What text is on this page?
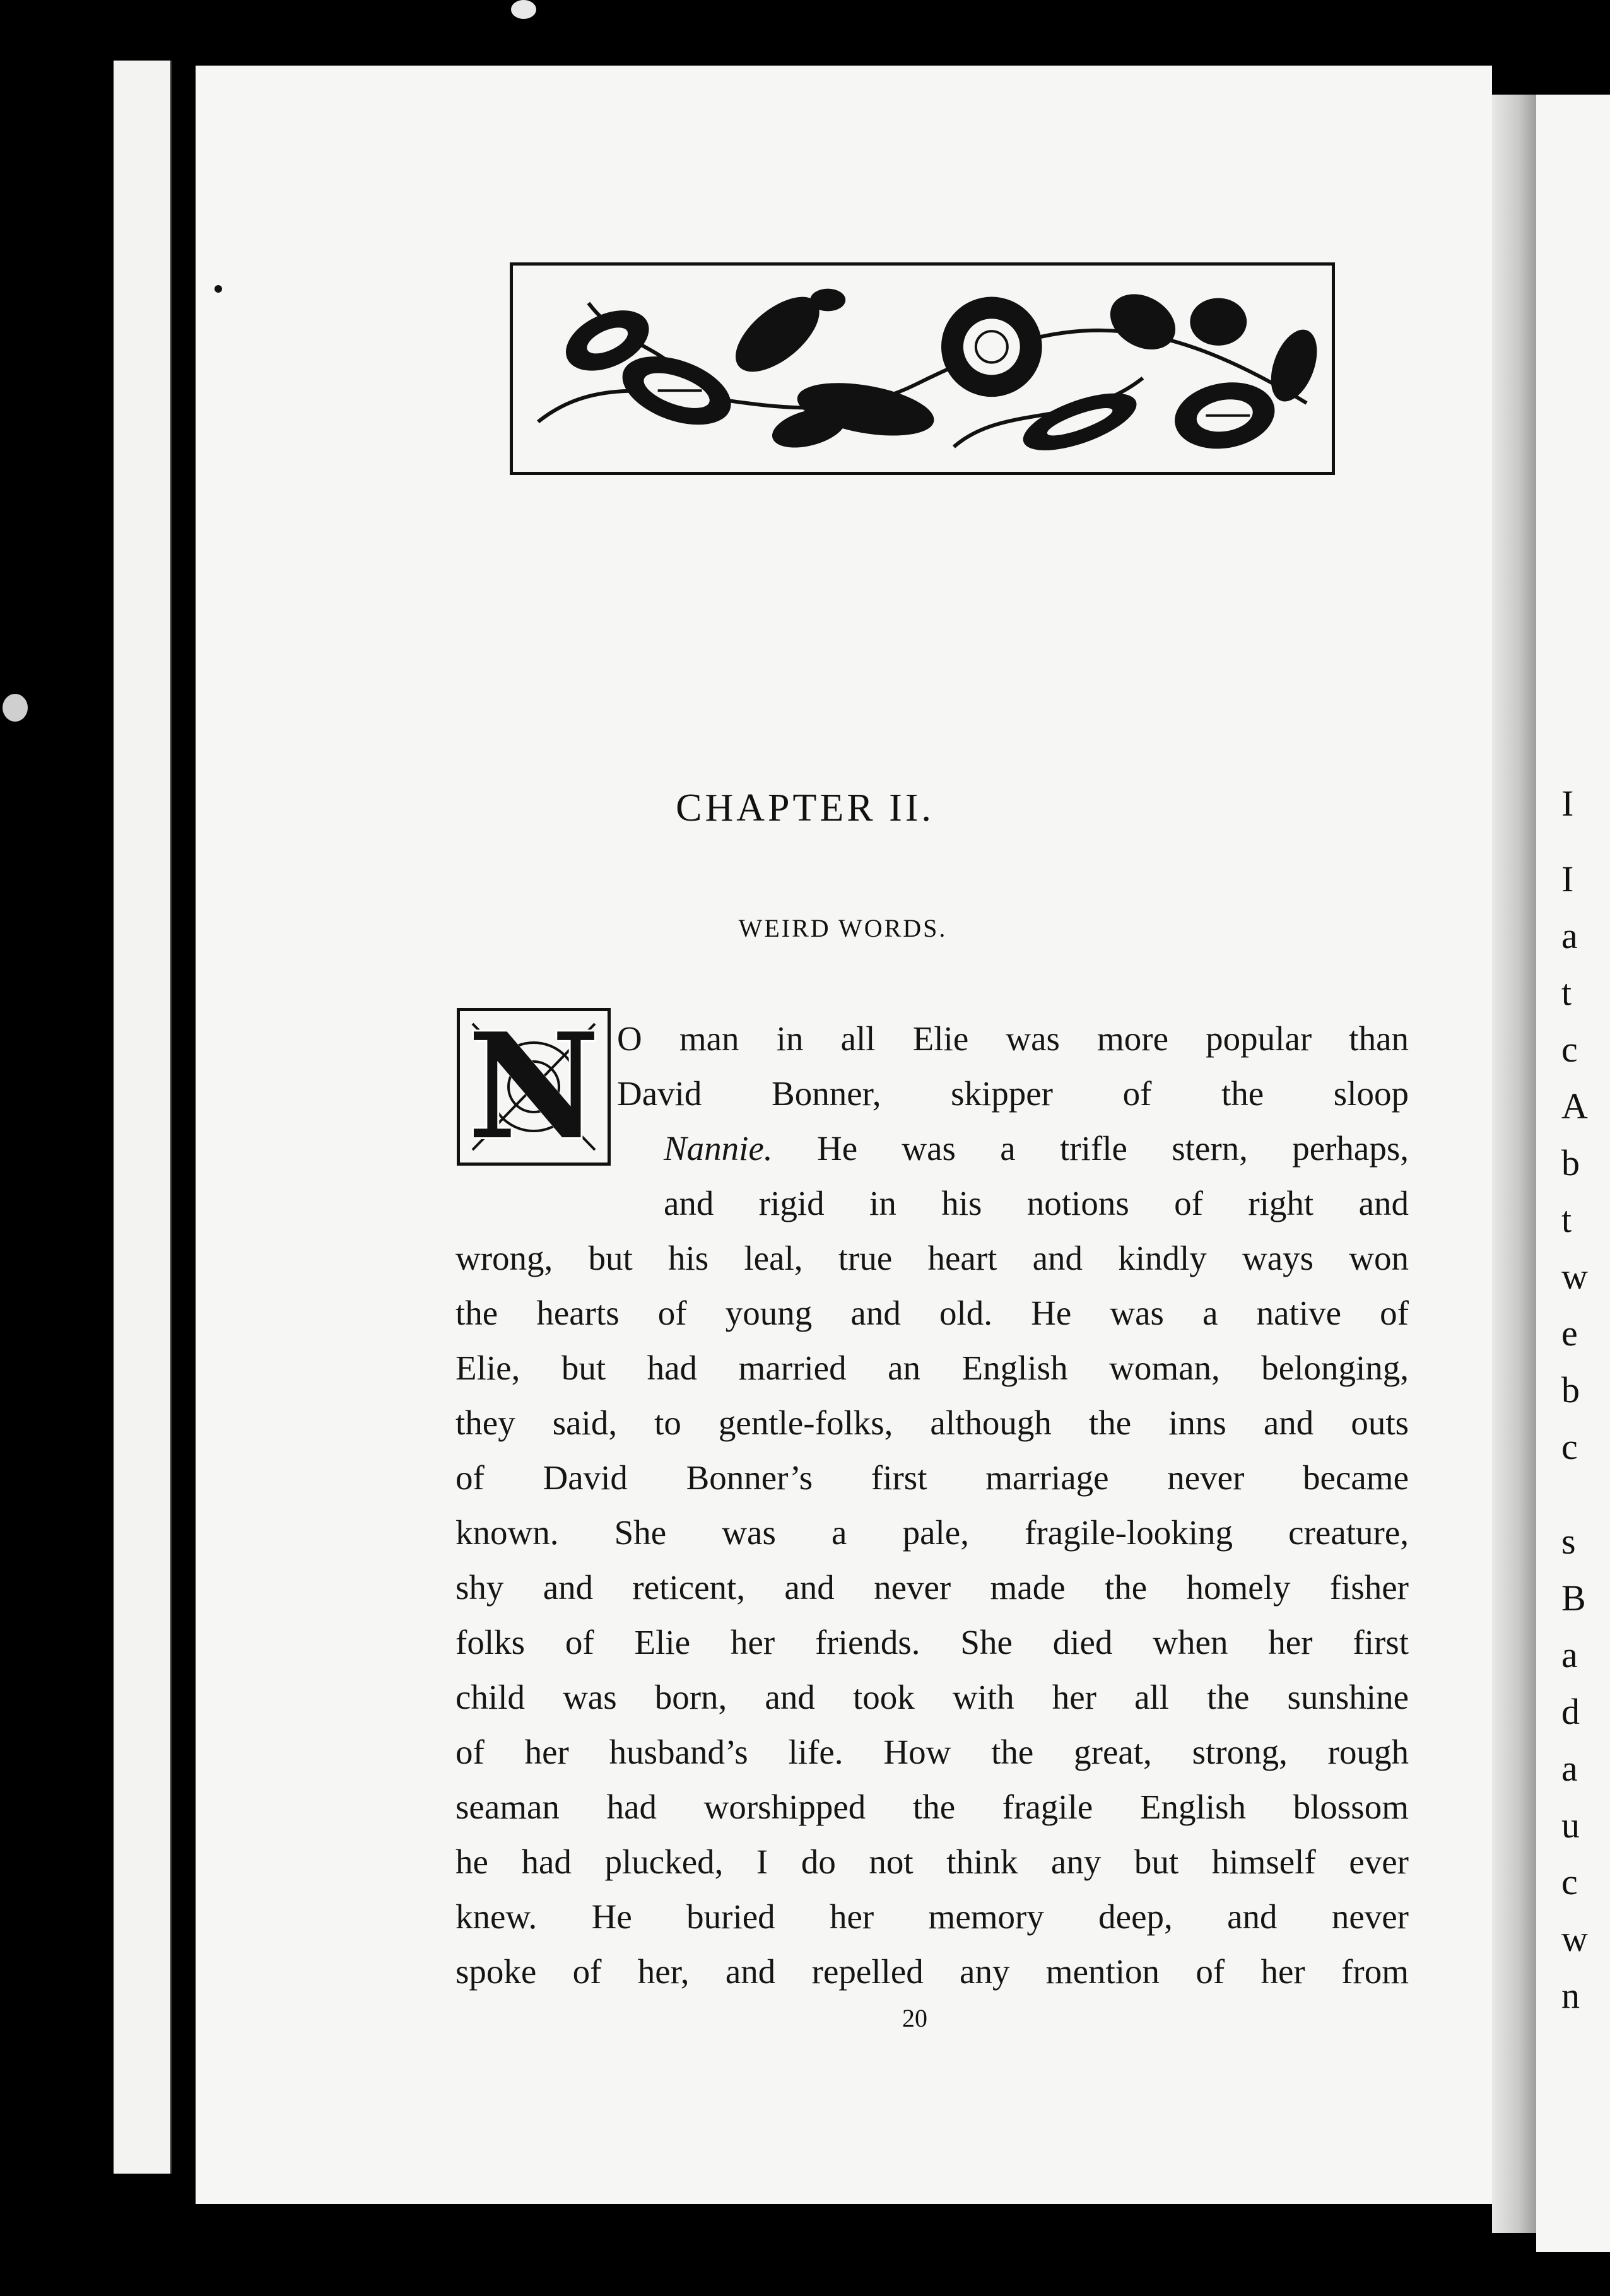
I
I
a
t
c
A
b
t
w
e
b
c
s
B
a
d
a
u
c
w
n
CHAPTER II.
WEIRD WORDS.
N O man in all Elie was more popular than
David Bonner, skipper of the sloop
Nannie. He was a trifle stern, perhaps,
and rigid in his notions of right and
wrong, but his leal, true heart and kindly ways won
the hearts of young and old. He was a native of
Elie, but had married an English woman, belonging,
they said, to gentle-folks, although the inns and outs
of David Bonner’s first marriage never became
known. She was a pale, fragile-looking creature,
shy and reticent, and never made the homely fisher
folks of Elie her friends. She died when her first
child was born, and took with her all the sunshine
of her husband’s life. How the great, strong, rough
seaman had worshipped the fragile English blossom
he had plucked, I do not think any but himself ever
knew. He buried her memory deep, and never
spoke of her, and repelled any mention of her from
20
